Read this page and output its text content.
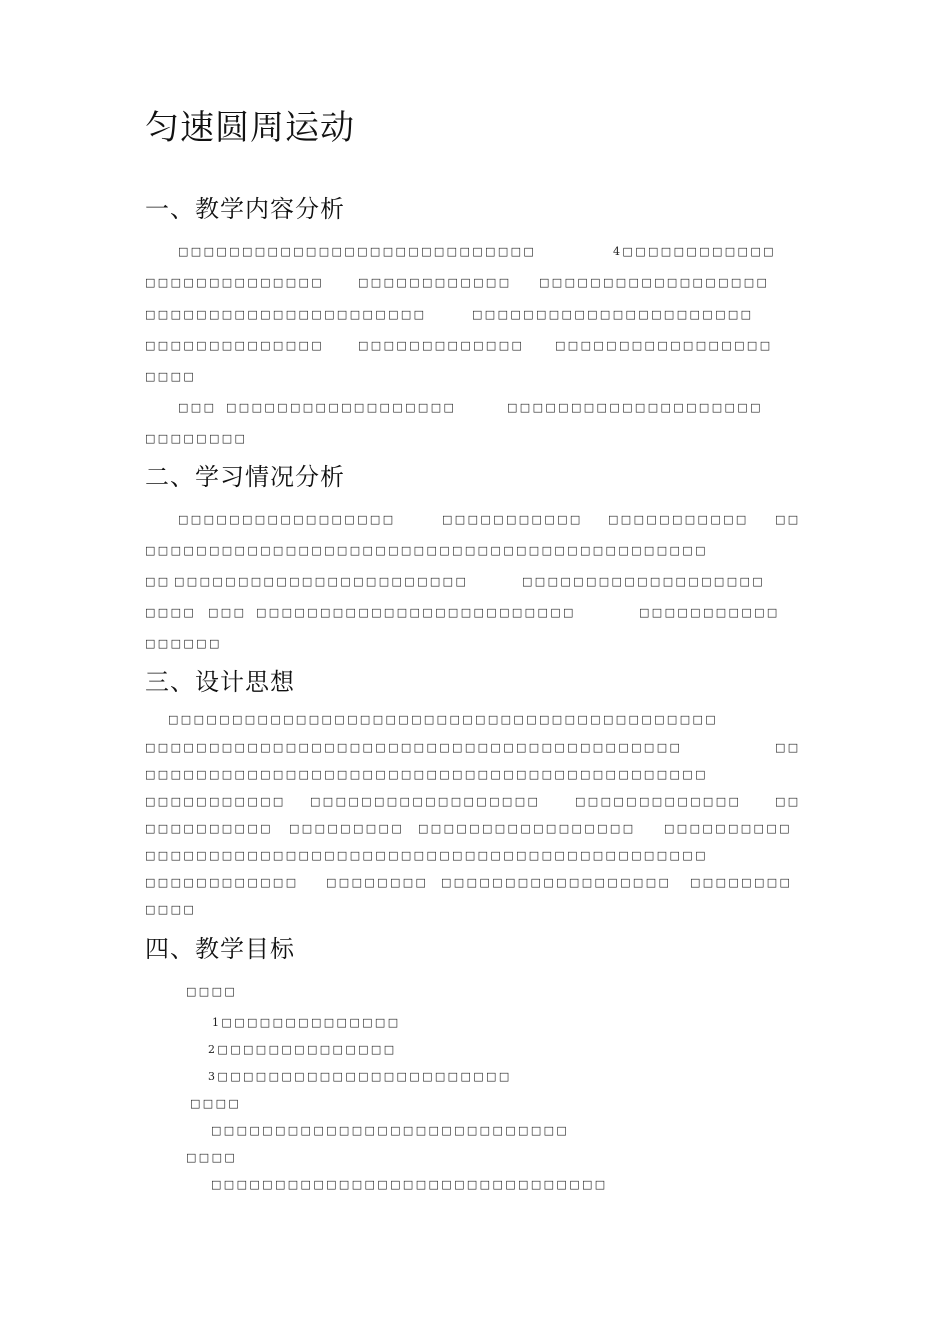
匀速圆周运动
一、教学内容分析
□□□□□□□□□□□□□□□□□□□□□□□□□□□□	4□□□□□□□□□□□□
□□□□□□□□□□□□□□	□□□□□□□□□□□□ □□□□□□□□□□□□□□□□□□
□□□□□□□□□□□□□□□□□□□□□□	□□□□□□□□□□□□□□□□□□□□□□
□□□□□□□□□□□□□□	□□□□□□□□□□□□□	□□□□□□□□□□□□□□□□□
□□□□
□□□ □□□□□□□□□□□□□□□□□□	□□□□□□□□□□□□□□□□□□□□
□□□□□□□□
二、学习情况分析
□□□□□□□□□□□□□□□□□	□□□□□□□□□□□ □□□□□□□□□□□ □□
□□□□□□□□□□□□□□□□□□□□□□□□□□□□□□□□□□□□□□□□□□□□
□□ □□□□□□□□□□□□□□□□□□□□□□□	□□□□□□□□□□□□□□□□□□□
□□□□ □□□ □□□□□□□□□□□□□□□□□□□□□□□□□	□□□□□□□□□□□
□□□□□□
三、设计思想
□□□□□□□□□□□□□□□□□□□□□□□□□□□□□□□□□□□□□□□□□□□
□□□□□□□□□□□□□□□□□□□□□□□□□□□□□□□□□□□□□□□□□□	□□
□□□□□□□□□□□□□□□□□□□□□□□□□□□□□□□□□□□□□□□□□□□□
□□□□□□□□□□□ □□□□□□□□□□□□□□□□□□	□□□□□□□□□□□□□	□□
□□□□□□□□□□ □□□□□□□□□ □□□□□□□□□□□□□□□□□	□□□□□□□□□□
□□□□□□□□□□□□□□□□□□□□□□□□□□□□□□□□□□□□□□□□□□□□
□□□□□□□□□□□□ □□□□□□□□ □□□□□□□□□□□□□□□□□□ □□□□□□□□
□□□□
四、教学目标
□□□□
1□□□□□□□□□□□□□□
2□□□□□□□□□□□□□□
3□□□□□□□□□□□□□□□□□□□□□□□
□□□□
□□□□□□□□□□□□□□□□□□□□□□□□□□□□
□□□□
□□□□□□□□□□□□□□□□□□□□□□□□□□□□□□□
